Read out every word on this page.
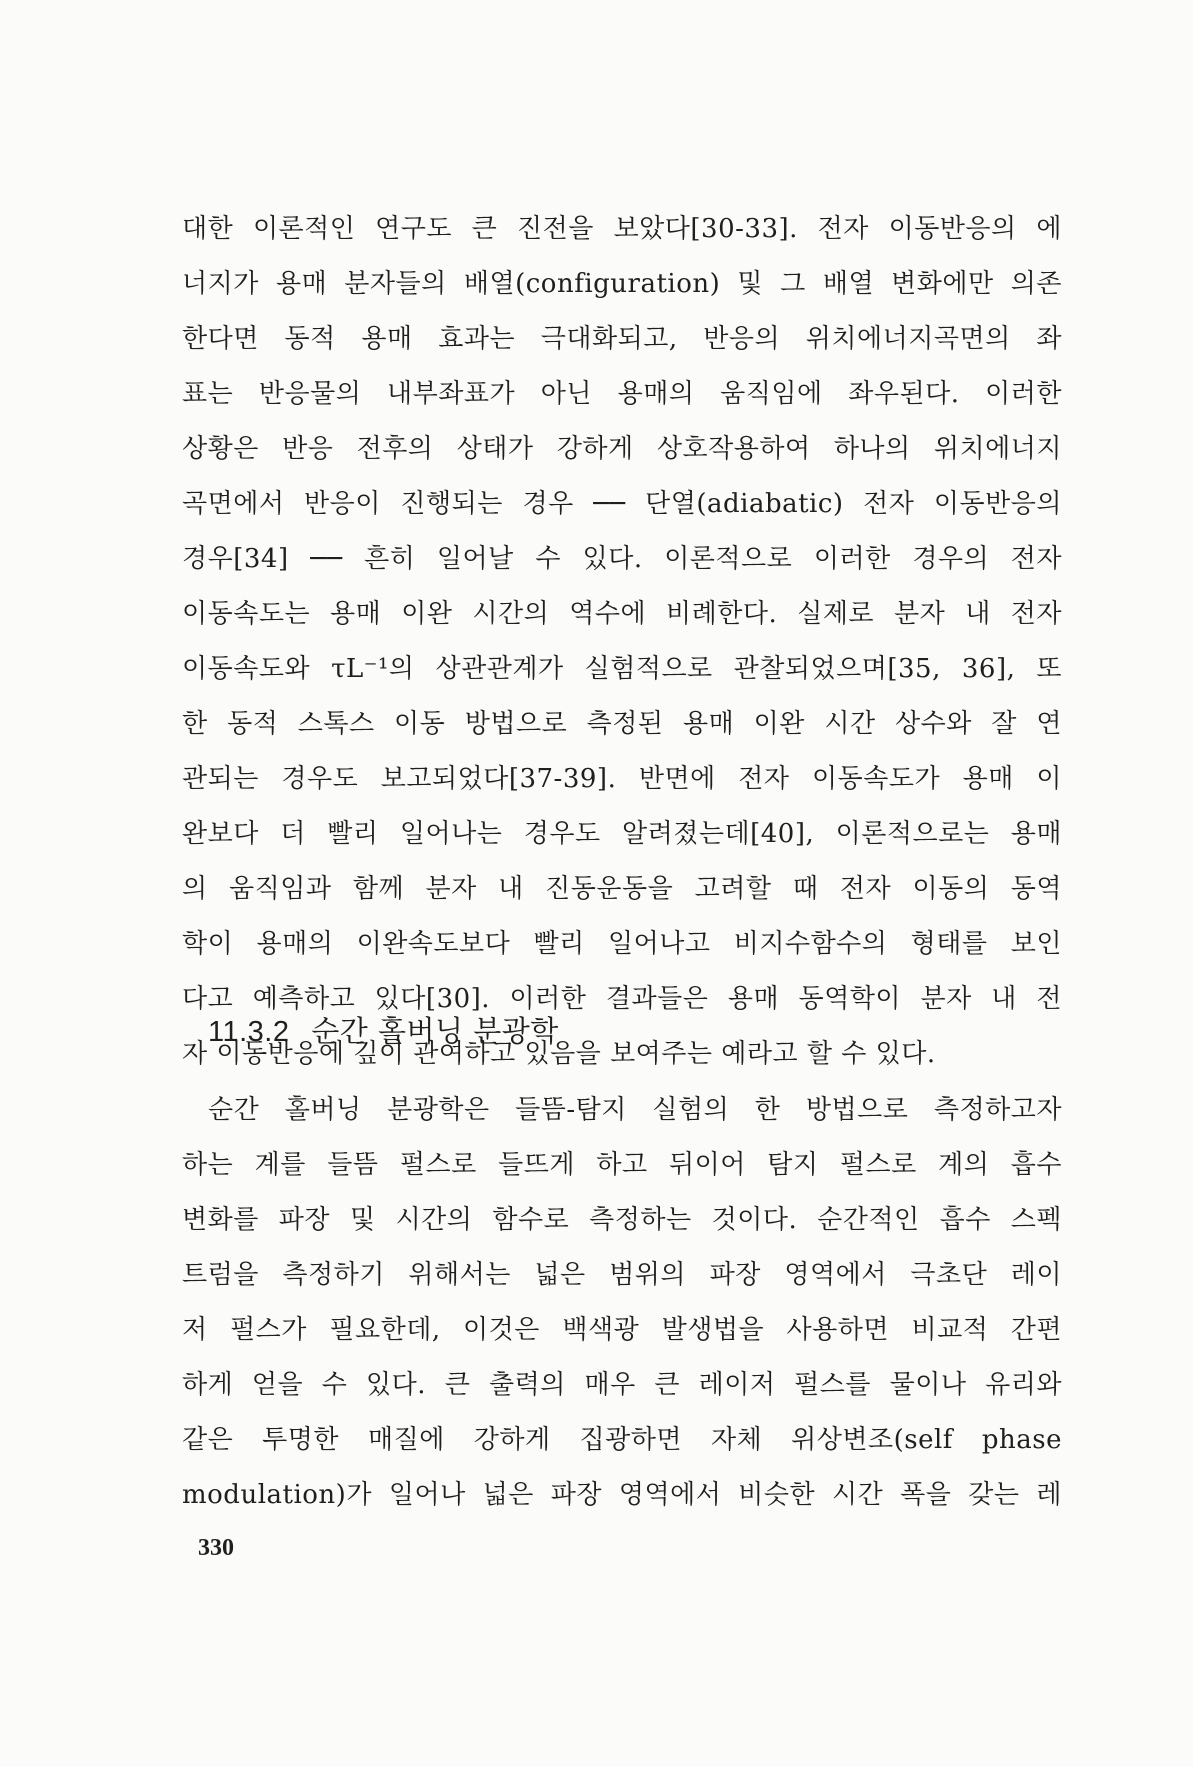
대한 이론적인 연구도 큰 진전을 보았다[30-33]. 전자 이동반응의 에
너지가 용매 분자들의 배열(configuration) 및 그 배열 변화에만 의존
한다면 동적 용매 효과는 극대화되고, 반응의 위치에너지곡면의 좌
표는 반응물의 내부좌표가 아닌 용매의 움직임에 좌우된다. 이러한
상황은 반응 전후의 상태가 강하게 상호작용하여 하나의 위치에너지
곡면에서 반응이 진행되는 경우 ── 단열(adiabatic) 전자 이동반응의
경우[34] ── 흔히 일어날 수 있다. 이론적으로 이러한 경우의 전자
이동속도는 용매 이완 시간의 역수에 비례한다. 실제로 분자 내 전자
이동속도와 τL⁻¹의 상관관계가 실험적으로 관찰되었으며[35, 36], 또
한 동적 스톡스 이동 방법으로 측정된 용매 이완 시간 상수와 잘 연
관되는 경우도 보고되었다[37-39]. 반면에 전자 이동속도가 용매 이
완보다 더 빨리 일어나는 경우도 알려졌는데[40], 이론적으로는 용매
의 움직임과 함께 분자 내 진동운동을 고려할 때 전자 이동의 동역
학이 용매의 이완속도보다 빨리 일어나고 비지수함수의 형태를 보인
다고 예측하고 있다[30]. 이러한 결과들은 용매 동역학이 분자 내 전
자 이동반응에 깊이 관여하고 있음을 보여주는 예라고 할 수 있다.
11.3.2 순간 홀버닝 분광학
순간 홀버닝 분광학은 들뜸-탐지 실험의 한 방법으로 측정하고자
하는 계를 들뜸 펄스로 들뜨게 하고 뒤이어 탐지 펄스로 계의 흡수
변화를 파장 및 시간의 함수로 측정하는 것이다. 순간적인 흡수 스펙
트럼을 측정하기 위해서는 넓은 범위의 파장 영역에서 극초단 레이
저 펄스가 필요한데, 이것은 백색광 발생법을 사용하면 비교적 간편
하게 얻을 수 있다. 큰 출력의 매우 큰 레이저 펄스를 물이나 유리와
같은 투명한 매질에 강하게 집광하면 자체 위상변조(self phase
modulation)가 일어나 넓은 파장 영역에서 비슷한 시간 폭을 갖는 레
330
